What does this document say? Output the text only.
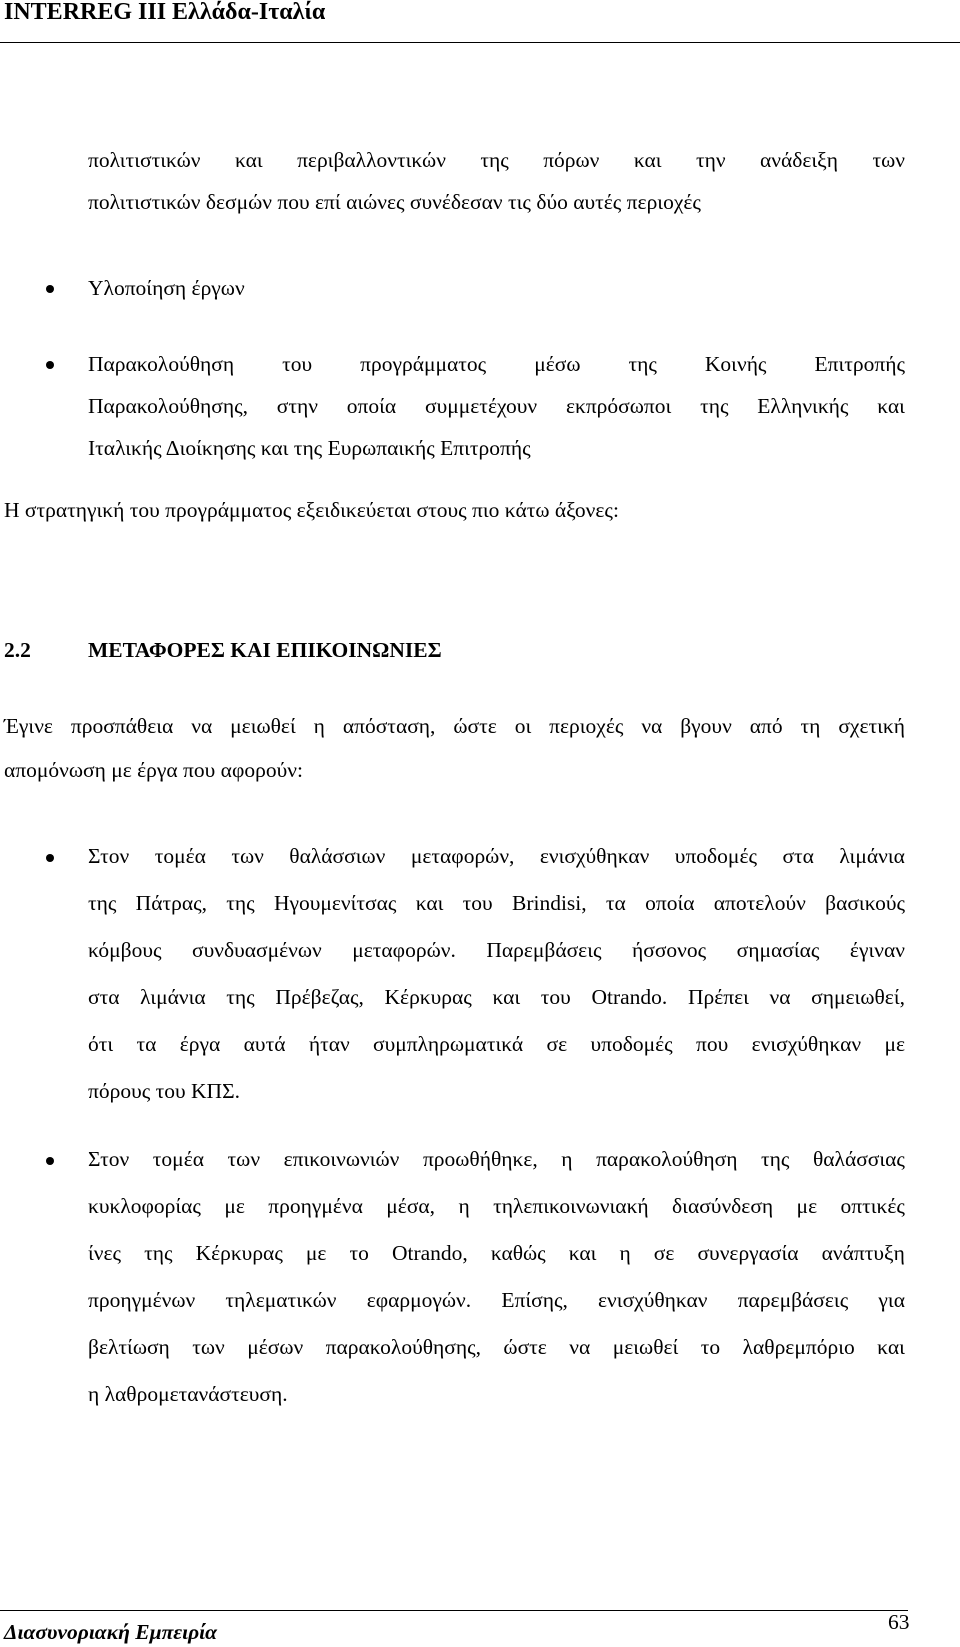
INTERREG III Ελλάδα-Ιταλία
πολιτιστικών και περιβαλλοντικών της πόρων και την ανάδειξη των
πολιτιστικών δεσμών που επί αιώνες συνέδεσαν τις δύο αυτές περιοχές
Υλοποίηση έργων
Παρακολούθηση του προγράμματος μέσω της Κοινής Επιτροπής
Παρακολούθησης, στην οποία συμμετέχουν εκπρόσωποι της Ελληνικής και
Ιταλικής Διοίκησης και της Ευρωπαικής Επιτροπής
Η στρατηγική του προγράμματος εξειδικεύεται στους πιο κάτω άξονες:
2.2	ΜΕΤΑΦΟΡΕΣ ΚΑΙ ΕΠΙΚΟΙΝΩΝΙΕΣ
Έγινε προσπάθεια να μειωθεί η απόσταση, ώστε οι περιοχές να βγουν από τη σχετική
απομόνωση με έργα που αφορούν:
Στον τομέα των θαλάσσιων μεταφορών, ενισχύθηκαν υποδομές στα λιμάνια
της Πάτρας, της Ηγουμενίτσας και του Brindisi, τα οποία αποτελούν βασικούς
κόμβους συνδυασμένων μεταφορών. Παρεμβάσεις ήσσονος σημασίας έγιναν
στα λιμάνια της Πρέβεζας, Κέρκυρας και του Otrando. Πρέπει να σημειωθεί,
ότι τα έργα αυτά ήταν συμπληρωματικά σε υποδομές που ενισχύθηκαν με
πόρους του ΚΠΣ.
Στον τομέα των επικοινωνιών προωθήθηκε, η παρακολούθηση της θαλάσσιας
κυκλοφορίας με προηγμένα μέσα, η τηλεπικοινωνιακή διασύνδεση με οπτικές
ίνες της Κέρκυρας με το Otrando, καθώς και η σε συνεργασία ανάπτυξη
προηγμένων τηλεματικών εφαρμογών. Επίσης, ενισχύθηκαν παρεμβάσεις για
βελτίωση των μέσων παρακολούθησης, ώστε να μειωθεί το λαθρεμπόριο και
η λαθρομετανάστευση.
Διασυνοριακή Εμπειρία	63
